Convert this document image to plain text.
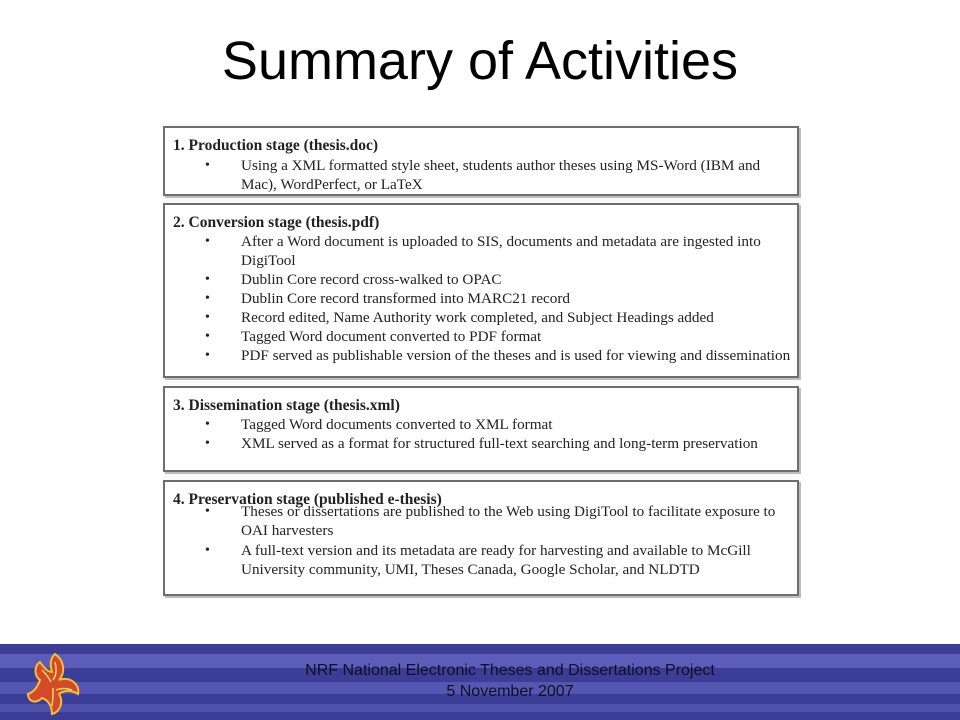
Summary of Activities
1. Production stage (thesis.doc)
• Using a XML formatted style sheet, students author theses using MS-Word (IBM and Mac), WordPerfect, or LaTeX
2. Conversion stage (thesis.pdf)
• After a Word document is uploaded to SIS, documents and metadata are ingested into DigiTool
• Dublin Core record cross-walked to OPAC
• Dublin Core record transformed into MARC21 record
• Record edited, Name Authority work completed, and Subject Headings added
• Tagged Word document converted to PDF format
• PDF served as publishable version of the theses and is used for viewing and dissemination
3. Dissemination stage (thesis.xml)
• Tagged Word documents converted to XML format
• XML served as a format for structured full-text searching and long-term preservation
4. Preservation stage (published e-thesis)
• Theses or dissertations are published to the Web using DigiTool to facilitate exposure to OAI harvesters
• A full-text version and its metadata are ready for harvesting and available to McGill University community, UMI, Theses Canada, Google Scholar, and NLDTD
NRF National Electronic Theses and Dissertations Project
5 November 2007
